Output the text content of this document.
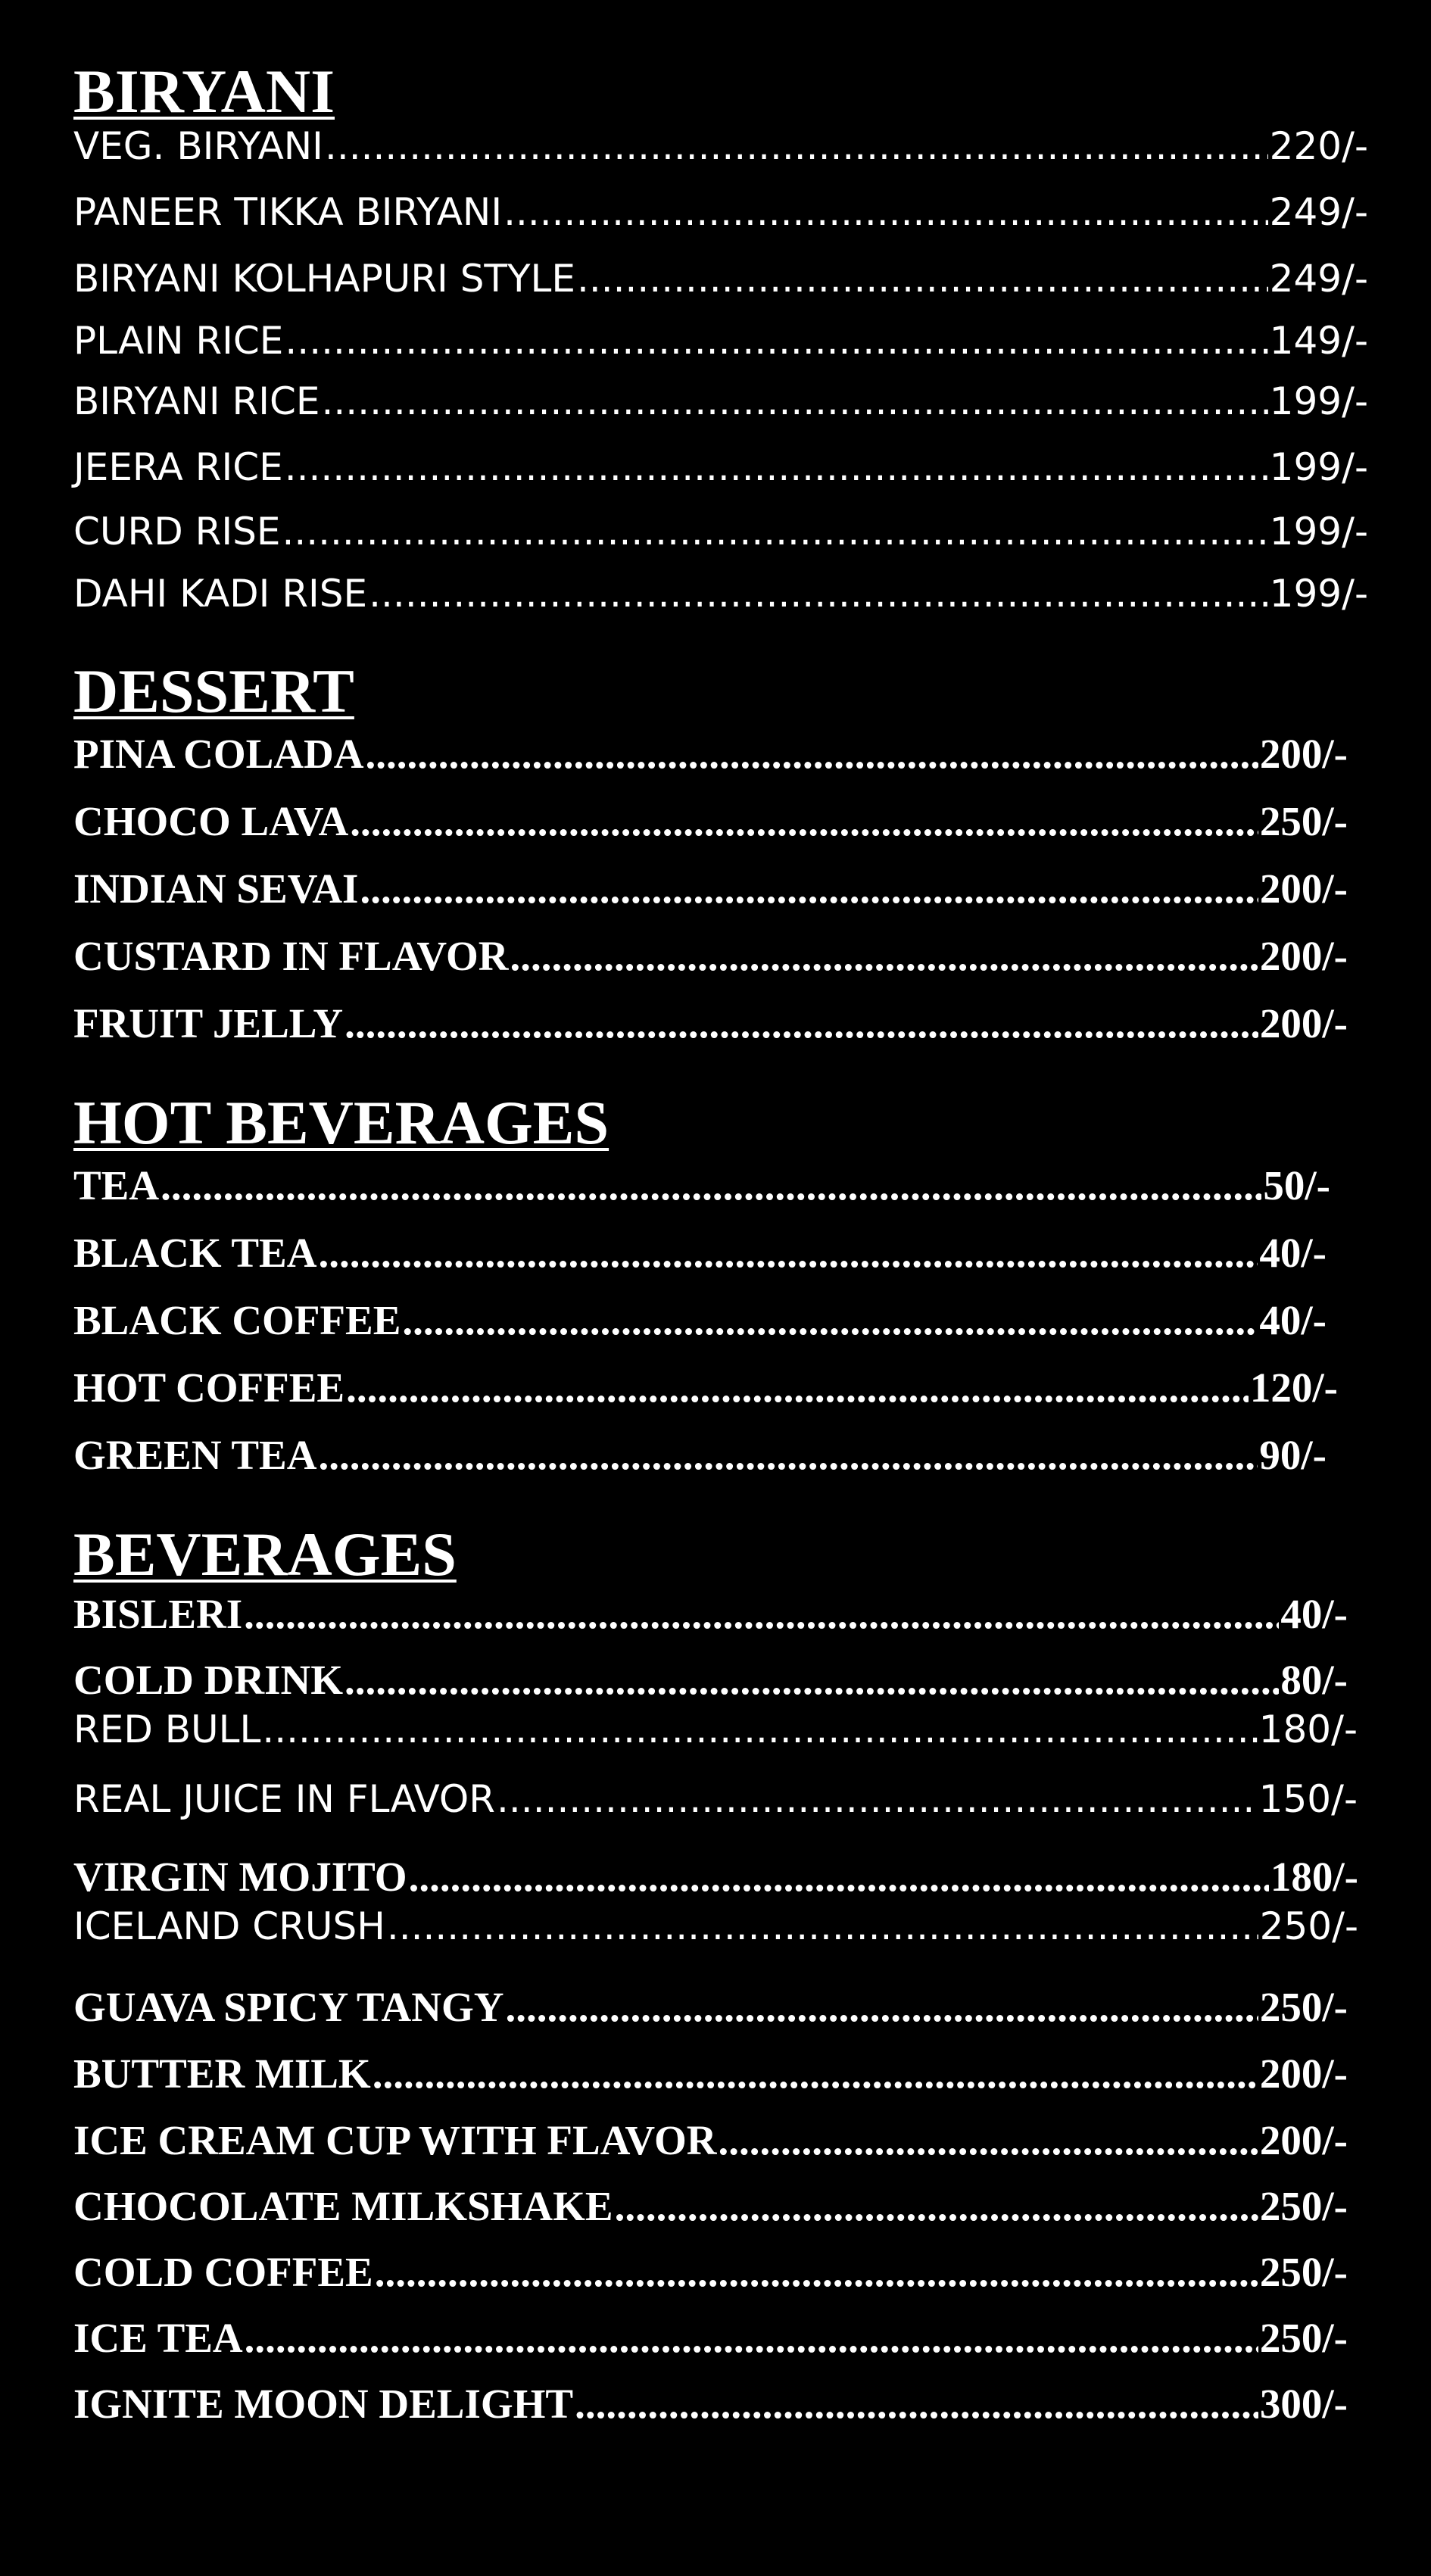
BIRYANI
VEG. BIRYANI .....	220/-
PANEER TIKKA BIRYANI .....	249/-
BIRYANI KOLHAPURI STYLE .....	249/-
PLAIN RICE .....	149/-
BIRYANI RICE .....	199/-
JEERA RICE .....	199/-
CURD RISE .....	199/-
DAHI KADI RISE .....	199/-
DESSERT
PINA COLADA .....	200/-
CHOCO LAVA .....	250/-
INDIAN SEVAI .....	200/-
CUSTARD IN FLAVOR .....	200/-
FRUIT JELLY .....	200/-
HOT BEVERAGES
TEA .....	50/-
BLACK TEA .....	40/-
BLACK COFFEE .....	40/-
HOT COFFEE .....	120/-
GREEN TEA .....	90/-
BEVERAGES
BISLERI .....	40/-
COLD DRINK .....	80/-
RED BULL .....	180/-
REAL JUICE IN FLAVOR .....	150/-
VIRGIN MOJITO .....	180/-
ICELAND CRUSH .....	250/-
GUAVA SPICY TANGY .....	250/-
BUTTER MILK .....	200/-
ICE CREAM CUP WITH FLAVOR .....	200/-
CHOCOLATE MILKSHAKE .....	250/-
COLD COFFEE .....	250/-
ICE TEA .....	250/-
IGNITE MOON DELIGHT .....	300/-
